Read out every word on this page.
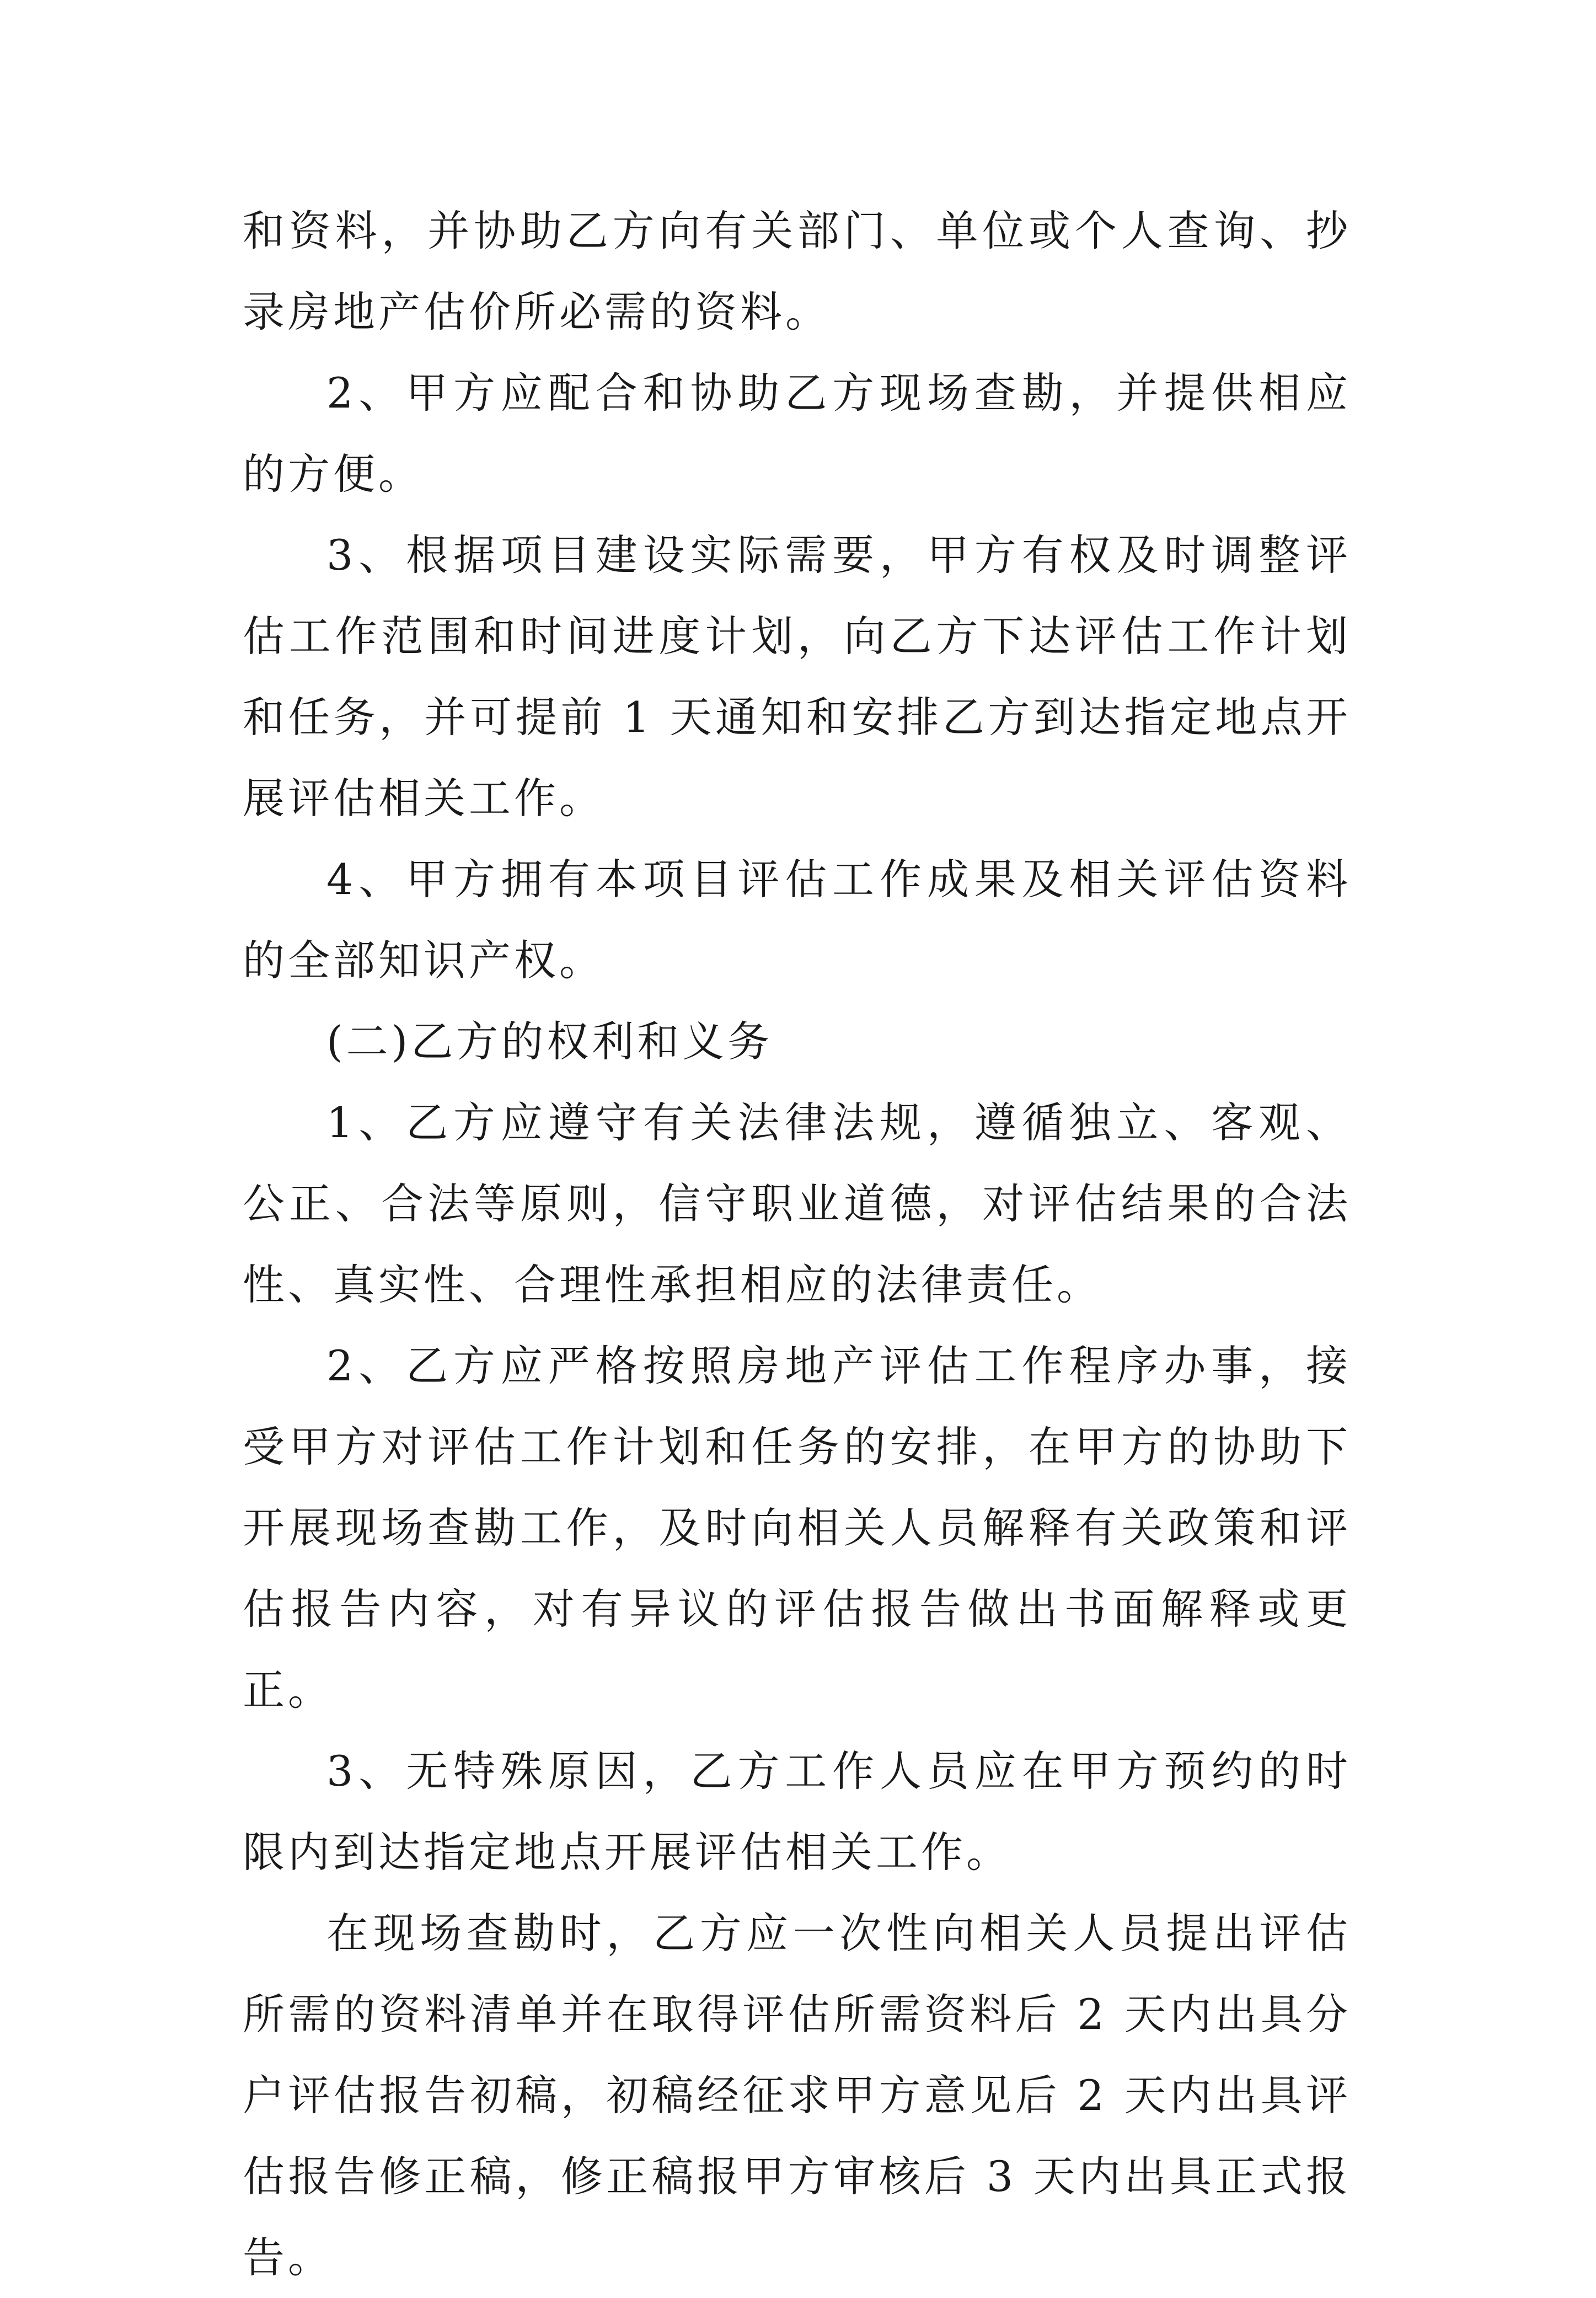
和资料，并协助乙方向有关部门、单位或个人查询、抄录房地产估价所必需的资料。

2、甲方应配合和协助乙方现场查勘，并提供相应的方便。

3、根据项目建设实际需要，甲方有权及时调整评估工作范围和时间进度计划，向乙方下达评估工作计划和任务，并可提前 1 天通知和安排乙方到达指定地点开展评估相关工作。

4、甲方拥有本项目评估工作成果及相关评估资料的全部知识产权。

(二)乙方的权利和义务

1、乙方应遵守有关法律法规，遵循独立、客观、公正、合法等原则，信守职业道德，对评估结果的合法性、真实性、合理性承担相应的法律责任。

2、乙方应严格按照房地产评估工作程序办事，接受甲方对评估工作计划和任务的安排，在甲方的协助下开展现场查勘工作，及时向相关人员解释有关政策和评估报告内容，对有异议的评估报告做出书面解释或更正。

3、无特殊原因，乙方工作人员应在甲方预约的时限内到达指定地点开展评估相关工作。

在现场查勘时，乙方应一次性向相关人员提出评估所需的资料清单并在取得评估所需资料后 2 天内出具分户评估报告初稿，初稿经征求甲方意见后 2 天内出具评估报告修正稿，修正稿报甲方审核后 3 天内出具正式报告。
